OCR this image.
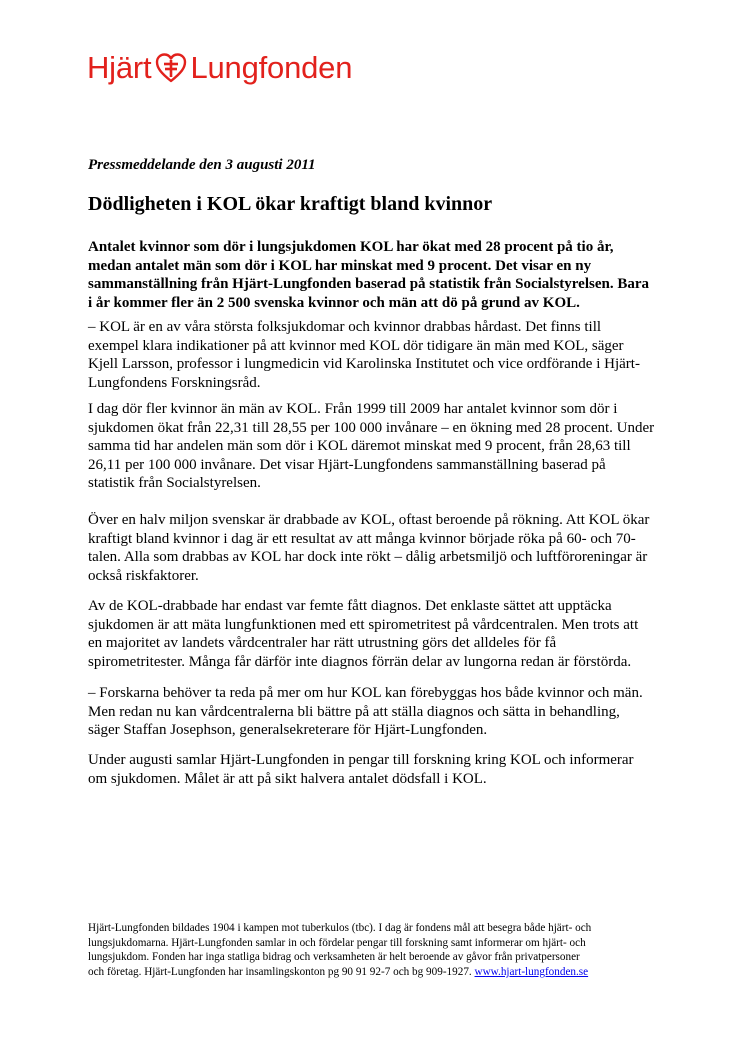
Hjärt Lungfonden
Pressmeddelande den 3 augusti 2011
Dödligheten i KOL ökar kraftigt bland kvinnor

Antalet kvinnor som dör i lungsjukdomen KOL har ökat med 28 procent på tio år,
medan antalet män som dör i KOL har minskat med 9 procent. Det visar en ny
sammanställning från Hjärt-Lungfonden baserad på statistik från Socialstyrelsen. Bara
i år kommer fler än 2 500 svenska kvinnor och män att dö på grund av KOL.

– KOL är en av våra största folksjukdomar och kvinnor drabbas hårdast. Det finns till
exempel klara indikationer på att kvinnor med KOL dör tidigare än män med KOL, säger
Kjell Larsson, professor i lungmedicin vid Karolinska Institutet och vice ordförande i Hjärt-
Lungfondens Forskningsråd.

I dag dör fler kvinnor än män av KOL. Från 1999 till 2009 har antalet kvinnor som dör i
sjukdomen ökat från 22,31 till 28,55 per 100 000 invånare – en ökning med 28 procent. Under
samma tid har andelen män som dör i KOL däremot minskat med 9 procent, från 28,63 till
26,11 per 100 000 invånare. Det visar Hjärt-Lungfondens sammanställning baserad på
statistik från Socialstyrelsen.

Över en halv miljon svenskar är drabbade av KOL, oftast beroende på rökning. Att KOL ökar
kraftigt bland kvinnor i dag är ett resultat av att många kvinnor började röka på 60- och 70-
talen. Alla som drabbas av KOL har dock inte rökt – dålig arbetsmiljö och luftföroreningar är
också riskfaktorer.

Av de KOL-drabbade har endast var femte fått diagnos. Det enklaste sättet att upptäcka
sjukdomen är att mäta lungfunktionen med ett spirometritest på vårdcentralen. Men trots att
en majoritet av landets vårdcentraler har rätt utrustning görs det alldeles för få
spirometritester. Många får därför inte diagnos förrän delar av lungorna redan är förstörda.

– Forskarna behöver ta reda på mer om hur KOL kan förebyggas hos både kvinnor och män.
Men redan nu kan vårdcentralerna bli bättre på att ställa diagnos och sätta in behandling,
säger Staffan Josephson, generalsekreterare för Hjärt-Lungfonden.

Under augusti samlar Hjärt-Lungfonden in pengar till forskning kring KOL och informerar
om sjukdomen. Målet är att på sikt halvera antalet dödsfall i KOL.

Hjärt-Lungfonden bildades 1904 i kampen mot tuberkulos (tbc). I dag är fondens mål att besegra både hjärt- och
lungsjukdomarna. Hjärt-Lungfonden samlar in och fördelar pengar till forskning samt informerar om hjärt- och
lungsjukdom. Fonden har inga statliga bidrag och verksamheten är helt beroende av gåvor från privatpersoner
och företag. Hjärt-Lungfonden har insamlingskonton pg 90 91 92-7 och bg 909-1927. www.hjart-lungfonden.se
